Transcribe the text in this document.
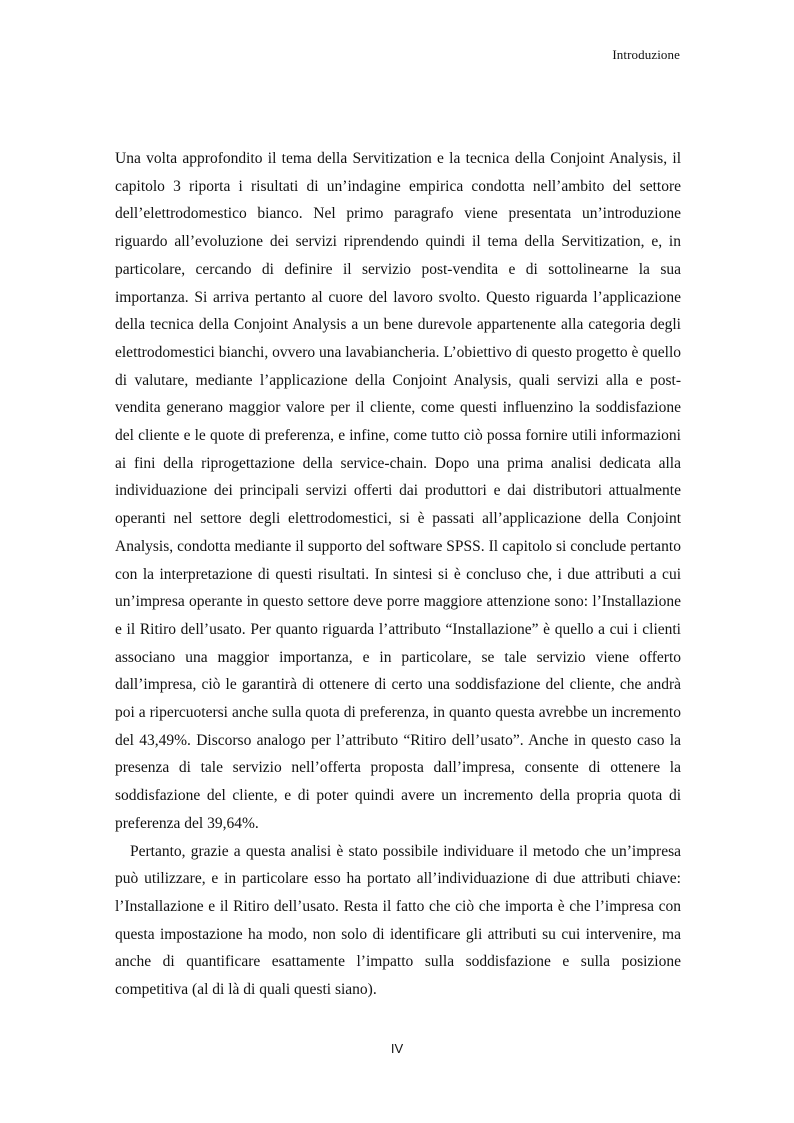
Introduzione

Una volta approfondito il tema della Servitization e la tecnica della Conjoint Analysis, il capitolo 3 riporta i risultati di un’indagine empirica condotta nell’ambito del settore dell’elettrodomestico bianco. Nel primo paragrafo viene presentata un’introduzione riguardo all’evoluzione dei servizi riprendendo quindi il tema della Servitization, e, in particolare, cercando di definire il servizio post-vendita e di sottolinearne la sua importanza. Si arriva pertanto al cuore del lavoro svolto. Questo riguarda l’applicazione della tecnica della Conjoint Analysis a un bene durevole appartenente alla categoria degli elettrodomestici bianchi, ovvero una lavabiancheria. L’obiettivo di questo progetto è quello di valutare, mediante l’applicazione della Conjoint Analysis, quali servizi alla e post-vendita generano maggior valore per il cliente, come questi influenzino la soddisfazione del cliente e le quote di preferenza, e infine, come tutto ciò possa fornire utili informazioni ai fini della riprogettazione della service-chain. Dopo una prima analisi dedicata alla individuazione dei principali servizi offerti dai produttori e dai distributori attualmente operanti nel settore degli elettrodomestici, si è passati all’applicazione della Conjoint Analysis, condotta mediante il supporto del software SPSS. Il capitolo si conclude pertanto con la interpretazione di questi risultati. In sintesi si è concluso che, i due attributi a cui un’impresa operante in questo settore deve porre maggiore attenzione sono: l’Installazione e il Ritiro dell’usato. Per quanto riguarda l’attributo “Installazione” è quello a cui i clienti associano una maggior importanza, e in particolare, se tale servizio viene offerto dall’impresa, ciò le garantirà di ottenere di certo una soddisfazione del cliente, che andrà poi a ripercuotersi anche sulla quota di preferenza, in quanto questa avrebbe un incremento del 43,49%. Discorso analogo per l’attributo “Ritiro dell’usato”. Anche in questo caso la presenza di tale servizio nell’offerta proposta dall’impresa, consente di ottenere la soddisfazione del cliente, e di poter quindi avere un incremento della propria quota di preferenza del 39,64%.

Pertanto, grazie a questa analisi è stato possibile individuare il metodo che un’impresa può utilizzare, e in particolare esso ha portato all’individuazione di due attributi chiave: l’Installazione e il Ritiro dell’usato. Resta il fatto che ciò che importa è che l’impresa con questa impostazione ha modo, non solo di identificare gli attributi su cui intervenire, ma anche di quantificare esattamente l’impatto sulla soddisfazione e sulla posizione competitiva (al di là di quali questi siano).

IV
